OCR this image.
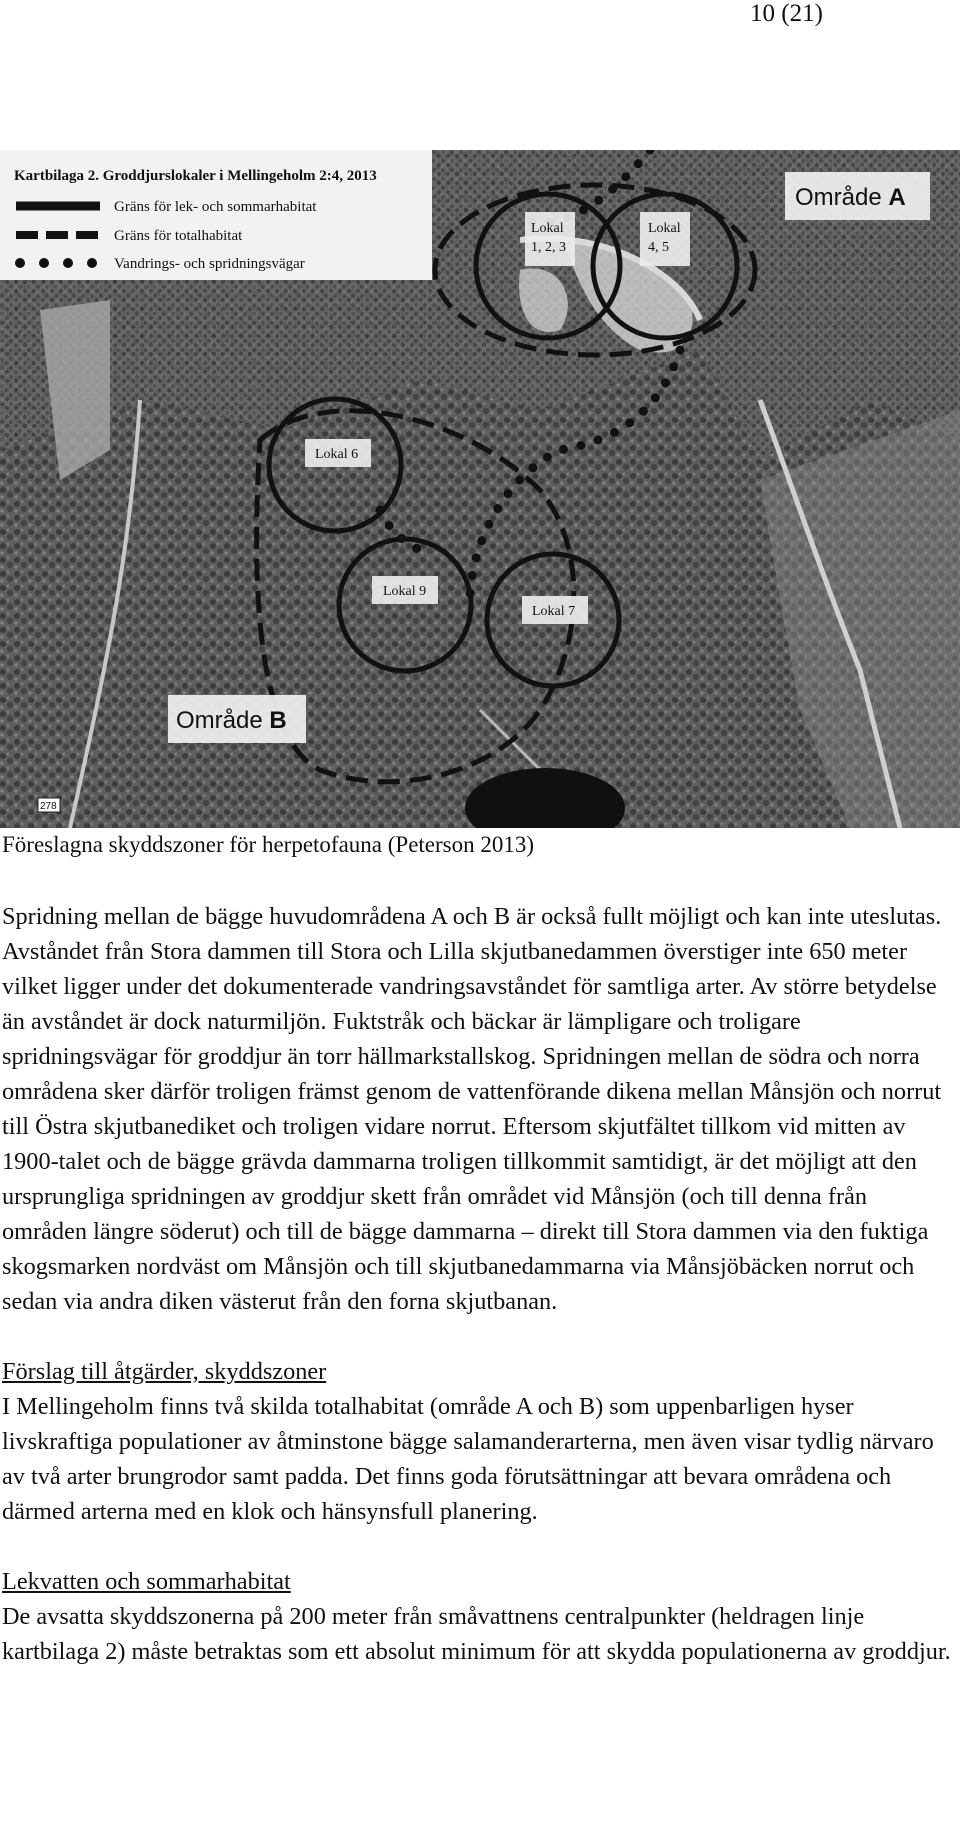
10 (21)
Kartbilaga 2. Groddjurslokaler i Mellingeholm 2:4, 2013
Gräns för lek- och sommarhabitat
Gräns för totalhabitat
Vandrings- och spridningsvägar
Lokal
1, 2, 3
Lokal
4, 5
Lokal 6
Lokal 9
Lokal 7
Område A
Område B
278
Föreslagna skyddszoner för herpetofauna (Peterson 2013)

Spridning mellan de bägge huvudområdena A och B är också fullt möjligt och kan inte uteslutas. Avståndet från Stora dammen till Stora och Lilla skjutbanedammen överstiger inte 650 meter vilket ligger under det dokumenterade vandringsavståndet för samtliga arter. Av större betydelse än avståndet är dock naturmiljön. Fuktstråk och bäckar är lämpligare och troligare spridningsvägar för groddjur än torr hällmarkstallskog. Spridningen mellan de södra och norra områdena sker därför troligen främst genom de vattenförande dikena mellan Månsjön och norrut till Östra skjutbanediket och troligen vidare norrut. Eftersom skjutfältet tillkom vid mitten av 1900-talet och de bägge grävda dammarna troligen tillkommit samtidigt, är det möjligt att den ursprungliga spridningen av groddjur skett från området vid Månsjön (och till denna från områden längre söderut) och till de bägge dammarna – direkt till Stora dammen via den fuktiga skogsmarken nordväst om Månsjön och till skjutbanedammarna via Månsjöbäcken norrut och sedan via andra diken västerut från den forna skjutbanan.

Förslag till åtgärder, skyddszoner

I Mellingeholm finns två skilda totalhabitat (område A och B) som uppenbarligen hyser livskraftiga populationer av åtminstone bägge salamanderarterna, men även visar tydlig närvaro av två arter brungrodor samt padda. Det finns goda förutsättningar att bevara områdena och därmed arterna med en klok och hänsynsfull planering.

Lekvatten och sommarhabitat

De avsatta skyddszonerna på 200 meter från småvattnens centralpunkter (heldragen linje kartbilaga 2) måste betraktas som ett absolut minimum för att skydda populationerna av groddjur.
